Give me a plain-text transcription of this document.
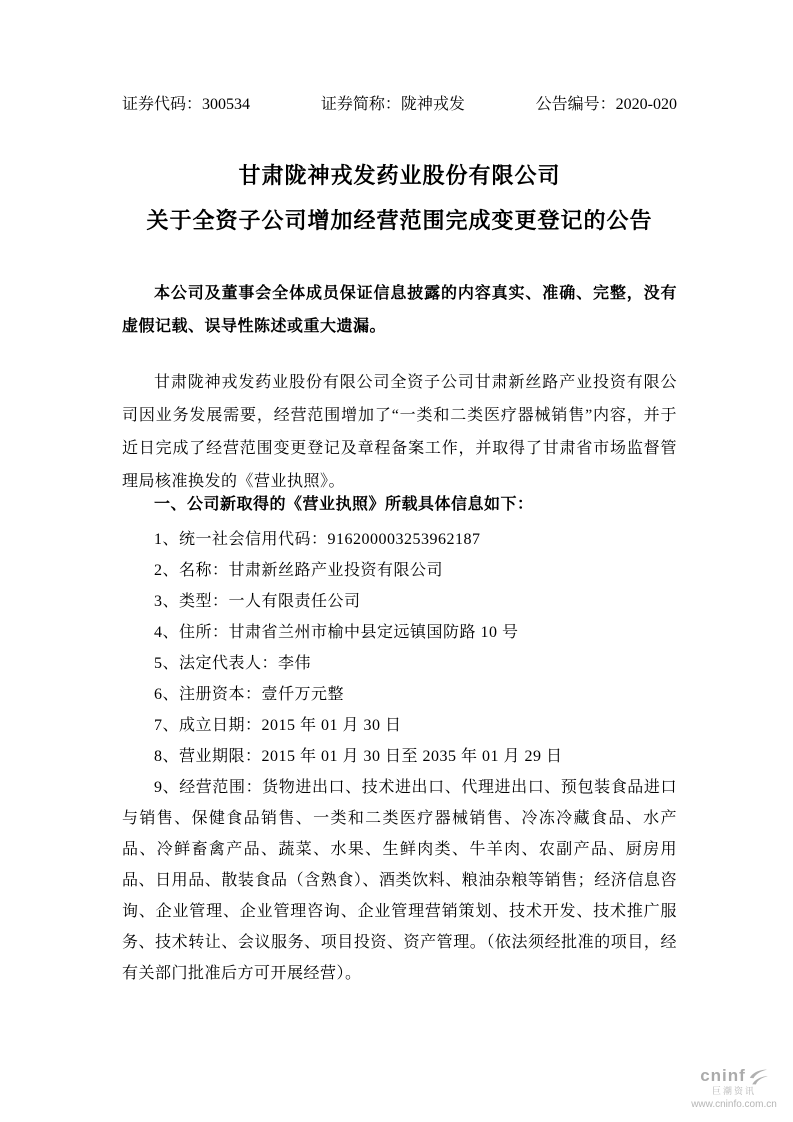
证券代码：300534	证券简称：陇神戎发	公告编号：2020-020
甘肃陇神戎发药业股份有限公司
关于全资子公司增加经营范围完成变更登记的公告
本公司及董事会全体成员保证信息披露的内容真实、准确、完整，没有虚假记载、误导性陈述或重大遗漏。
甘肃陇神戎发药业股份有限公司全资子公司甘肃新丝路产业投资有限公司因业务发展需要，经营范围增加了“一类和二类医疗器械销售”内容，并于近日完成了经营范围变更登记及章程备案工作，并取得了甘肃省市场监督管理局核准换发的《营业执照》。

一、公司新取得的《营业执照》所载具体信息如下：

1、统一社会信用代码：916200003253962187

2、名称：甘肃新丝路产业投资有限公司

3、类型：一人有限责任公司

4、住所：甘肃省兰州市榆中县定远镇国防路 10 号

5、法定代表人：李伟

6、注册资本：壹仟万元整

7、成立日期：2015 年 01 月 30 日

8、营业期限：2015 年 01 月 30 日至 2035 年 01 月 29 日

9、经营范围：货物进出口、技术进出口、代理进出口、预包装食品进口与销售、保健食品销售、一类和二类医疗器械销售、冷冻冷藏食品、水产品、冷鲜畜禽产品、蔬菜、水果、生鲜肉类、牛羊肉、农副产品、厨房用品、日用品、散装食品（含熟食）、酒类饮料、粮油杂粮等销售；经济信息咨询、企业管理、企业管理咨询、企业管理营销策划、技术开发、技术推广服务、技术转让、会议服务、项目投资、资产管理。（依法须经批准的项目，经有关部门批准后方可开展经营）。

cninf
巨潮资讯
www.cninfo.com.cn
